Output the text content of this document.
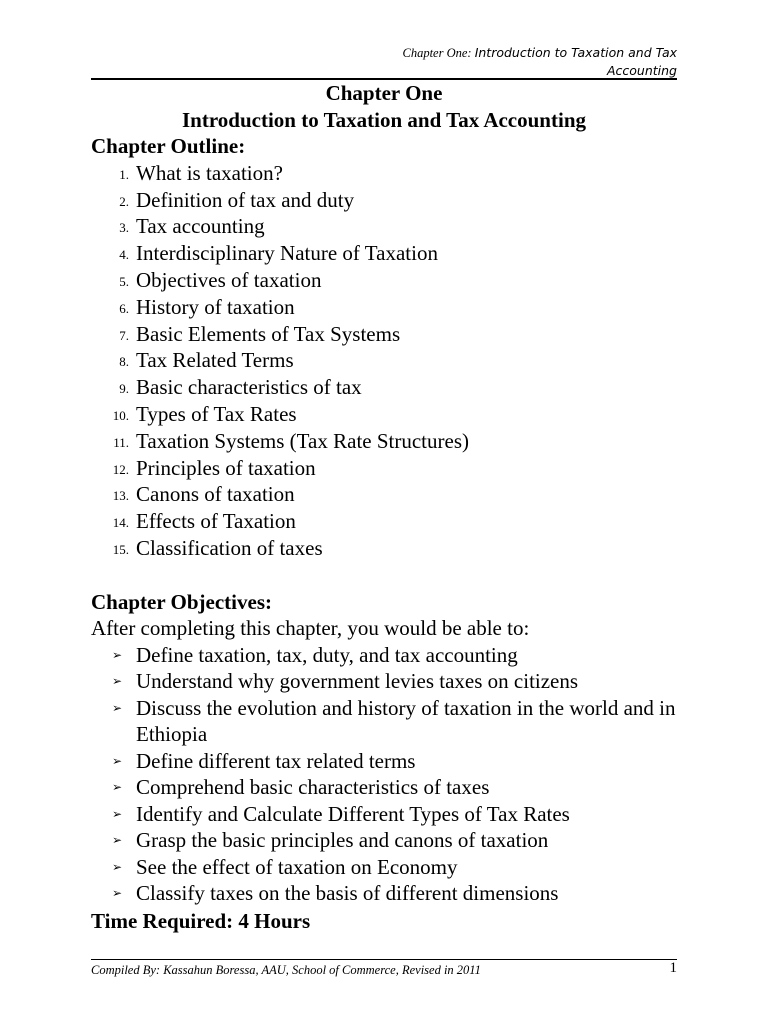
Chapter One: Introduction to Taxation and Tax
Accounting
Chapter One
Introduction to Taxation and Tax Accounting
Chapter Outline:
1. What is taxation?
2. Definition of tax and duty
3. Tax accounting
4. Interdisciplinary Nature of Taxation
5. Objectives of taxation
6. History of taxation
7. Basic Elements of Tax Systems
8. Tax Related Terms
9. Basic characteristics of tax
10. Types of Tax Rates
11. Taxation Systems (Tax Rate Structures)
12. Principles of taxation
13. Canons of taxation
14. Effects of Taxation
15. Classification of taxes
Chapter Objectives:
After completing this chapter, you would be able to:
➢ Define taxation, tax, duty, and tax accounting
➢ Understand why government levies taxes on citizens
➢ Discuss the evolution and history of taxation in the world and in Ethiopia
➢ Define different tax related terms
➢ Comprehend basic characteristics of taxes
➢ Identify and Calculate Different Types of Tax Rates
➢ Grasp the basic principles and canons of taxation
➢ See the effect of taxation on Economy
➢ Classify taxes on the basis of different dimensions
Time Required: 4 Hours
Compiled By: Kassahun Boressa, AAU, School of Commerce, Revised in 2011	1
